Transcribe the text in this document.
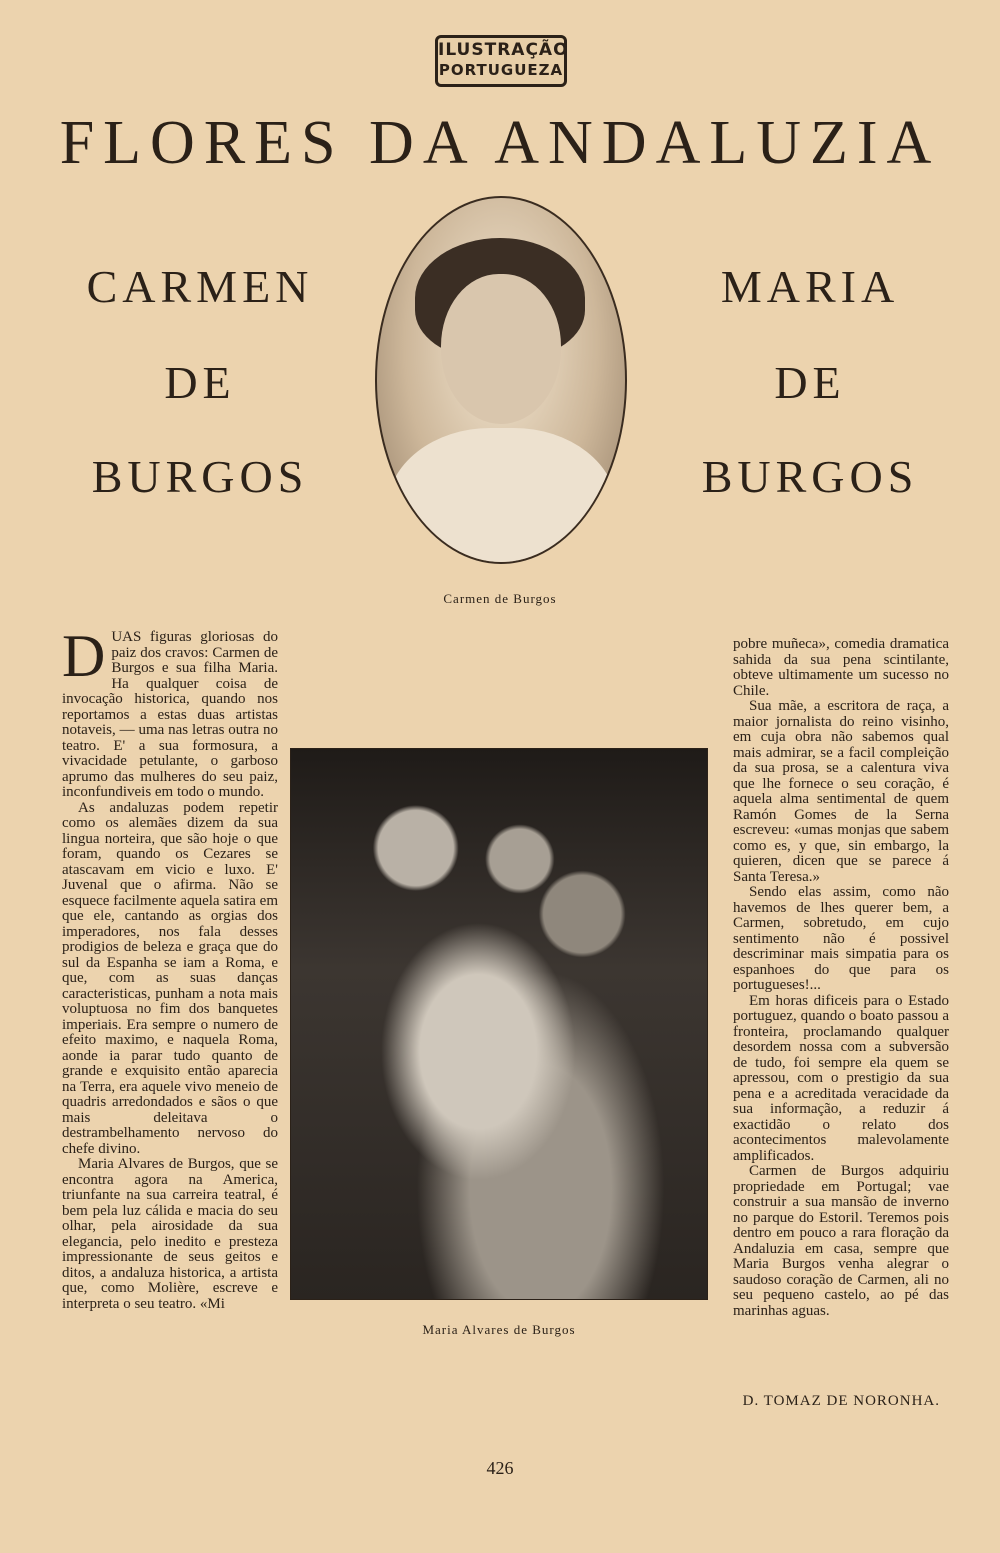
ILUSTRAÇÃO
PORTUGUEZA
FLORES DA ANDALUZIA
CARMEN
DE
BURGOS
MARIA
DE
BURGOS
Carmen de Burgos

DUAS figuras gloriosas do paiz dos cravos: Carmen de Burgos e sua filha Maria. Ha qualquer coisa de invocação historica, quando nos reportamos a estas duas artistas notaveis, — uma nas letras outra no teatro. E' a sua formosura, a vivacidade petulante, o garboso aprumo das mulheres do seu paiz, inconfundiveis em todo o mundo.

As andaluzas podem repetir como os alemães dizem da sua lingua norteira, que são hoje o que foram, quando os Cezares se atascavam em vicio e luxo. E' Juvenal que o afirma. Não se esquece facilmente aquela satira em que ele, cantando as orgias dos imperadores, nos fala desses prodigios de beleza e graça que do sul da Espanha se iam a Roma, e que, com as suas danças caracteristicas, punham a nota mais voluptuosa no fim dos banquetes imperiais. Era sempre o numero de efeito maximo, e naquela Roma, aonde ia parar tudo quanto de grande e exquisito então aparecia na Terra, era aquele vivo meneio de quadris arredondados e sãos o que mais deleitava o destrambelhamento nervoso do chefe divino.

Maria Alvares de Burgos, que se encontra agora na America, triunfante na sua carreira teatral, é bem pela luz cálida e macia do seu olhar, pela airosidade da sua elegancia, pelo inedito e presteza impressionante de seus geitos e ditos, a andaluza historica, a artista que, como Molière, escreve e interpreta o seu teatro. «Mi

Maria Alvares de Burgos

pobre muñeca», comedia dramatica sahida da sua pena scintilante, obteve ultimamente um sucesso no Chile.

Sua mãe, a escritora de raça, a maior jornalista do reino visinho, em cuja obra não sabemos qual mais admirar, se a facil compleição da sua prosa, se a calentura viva que lhe fornece o seu coração, é aquela alma sentimental de quem Ramón Gomes de la Serna escreveu: «umas monjas que sabem como es, y que, sin embargo, la quieren, dicen que se parece á Santa Teresa.»

Sendo elas assim, como não havemos de lhes querer bem, a Carmen, sobretudo, em cujo sentimento não é possivel descriminar mais simpatia para os espanhoes do que para os portugueses!...

Em horas dificeis para o Estado portuguez, quando o boato passou a fronteira, proclamando qualquer desordem nossa com a subversão de tudo, foi sempre ela quem se apressou, com o prestigio da sua pena e a acreditada veracidade da sua informação, a reduzir á exactidão o relato dos acontecimentos malevolamente amplificados.

Carmen de Burgos adquiriu propriedade em Portugal; vae construir a sua mansão de inverno no parque do Estoril. Teremos pois dentro em pouco a rara floração da Andaluzia em casa, sempre que Maria Burgos venha alegrar o saudoso coração de Carmen, ali no seu pequeno castelo, ao pé das marinhas aguas.

D. TOMAZ DE NORONHA.
426
